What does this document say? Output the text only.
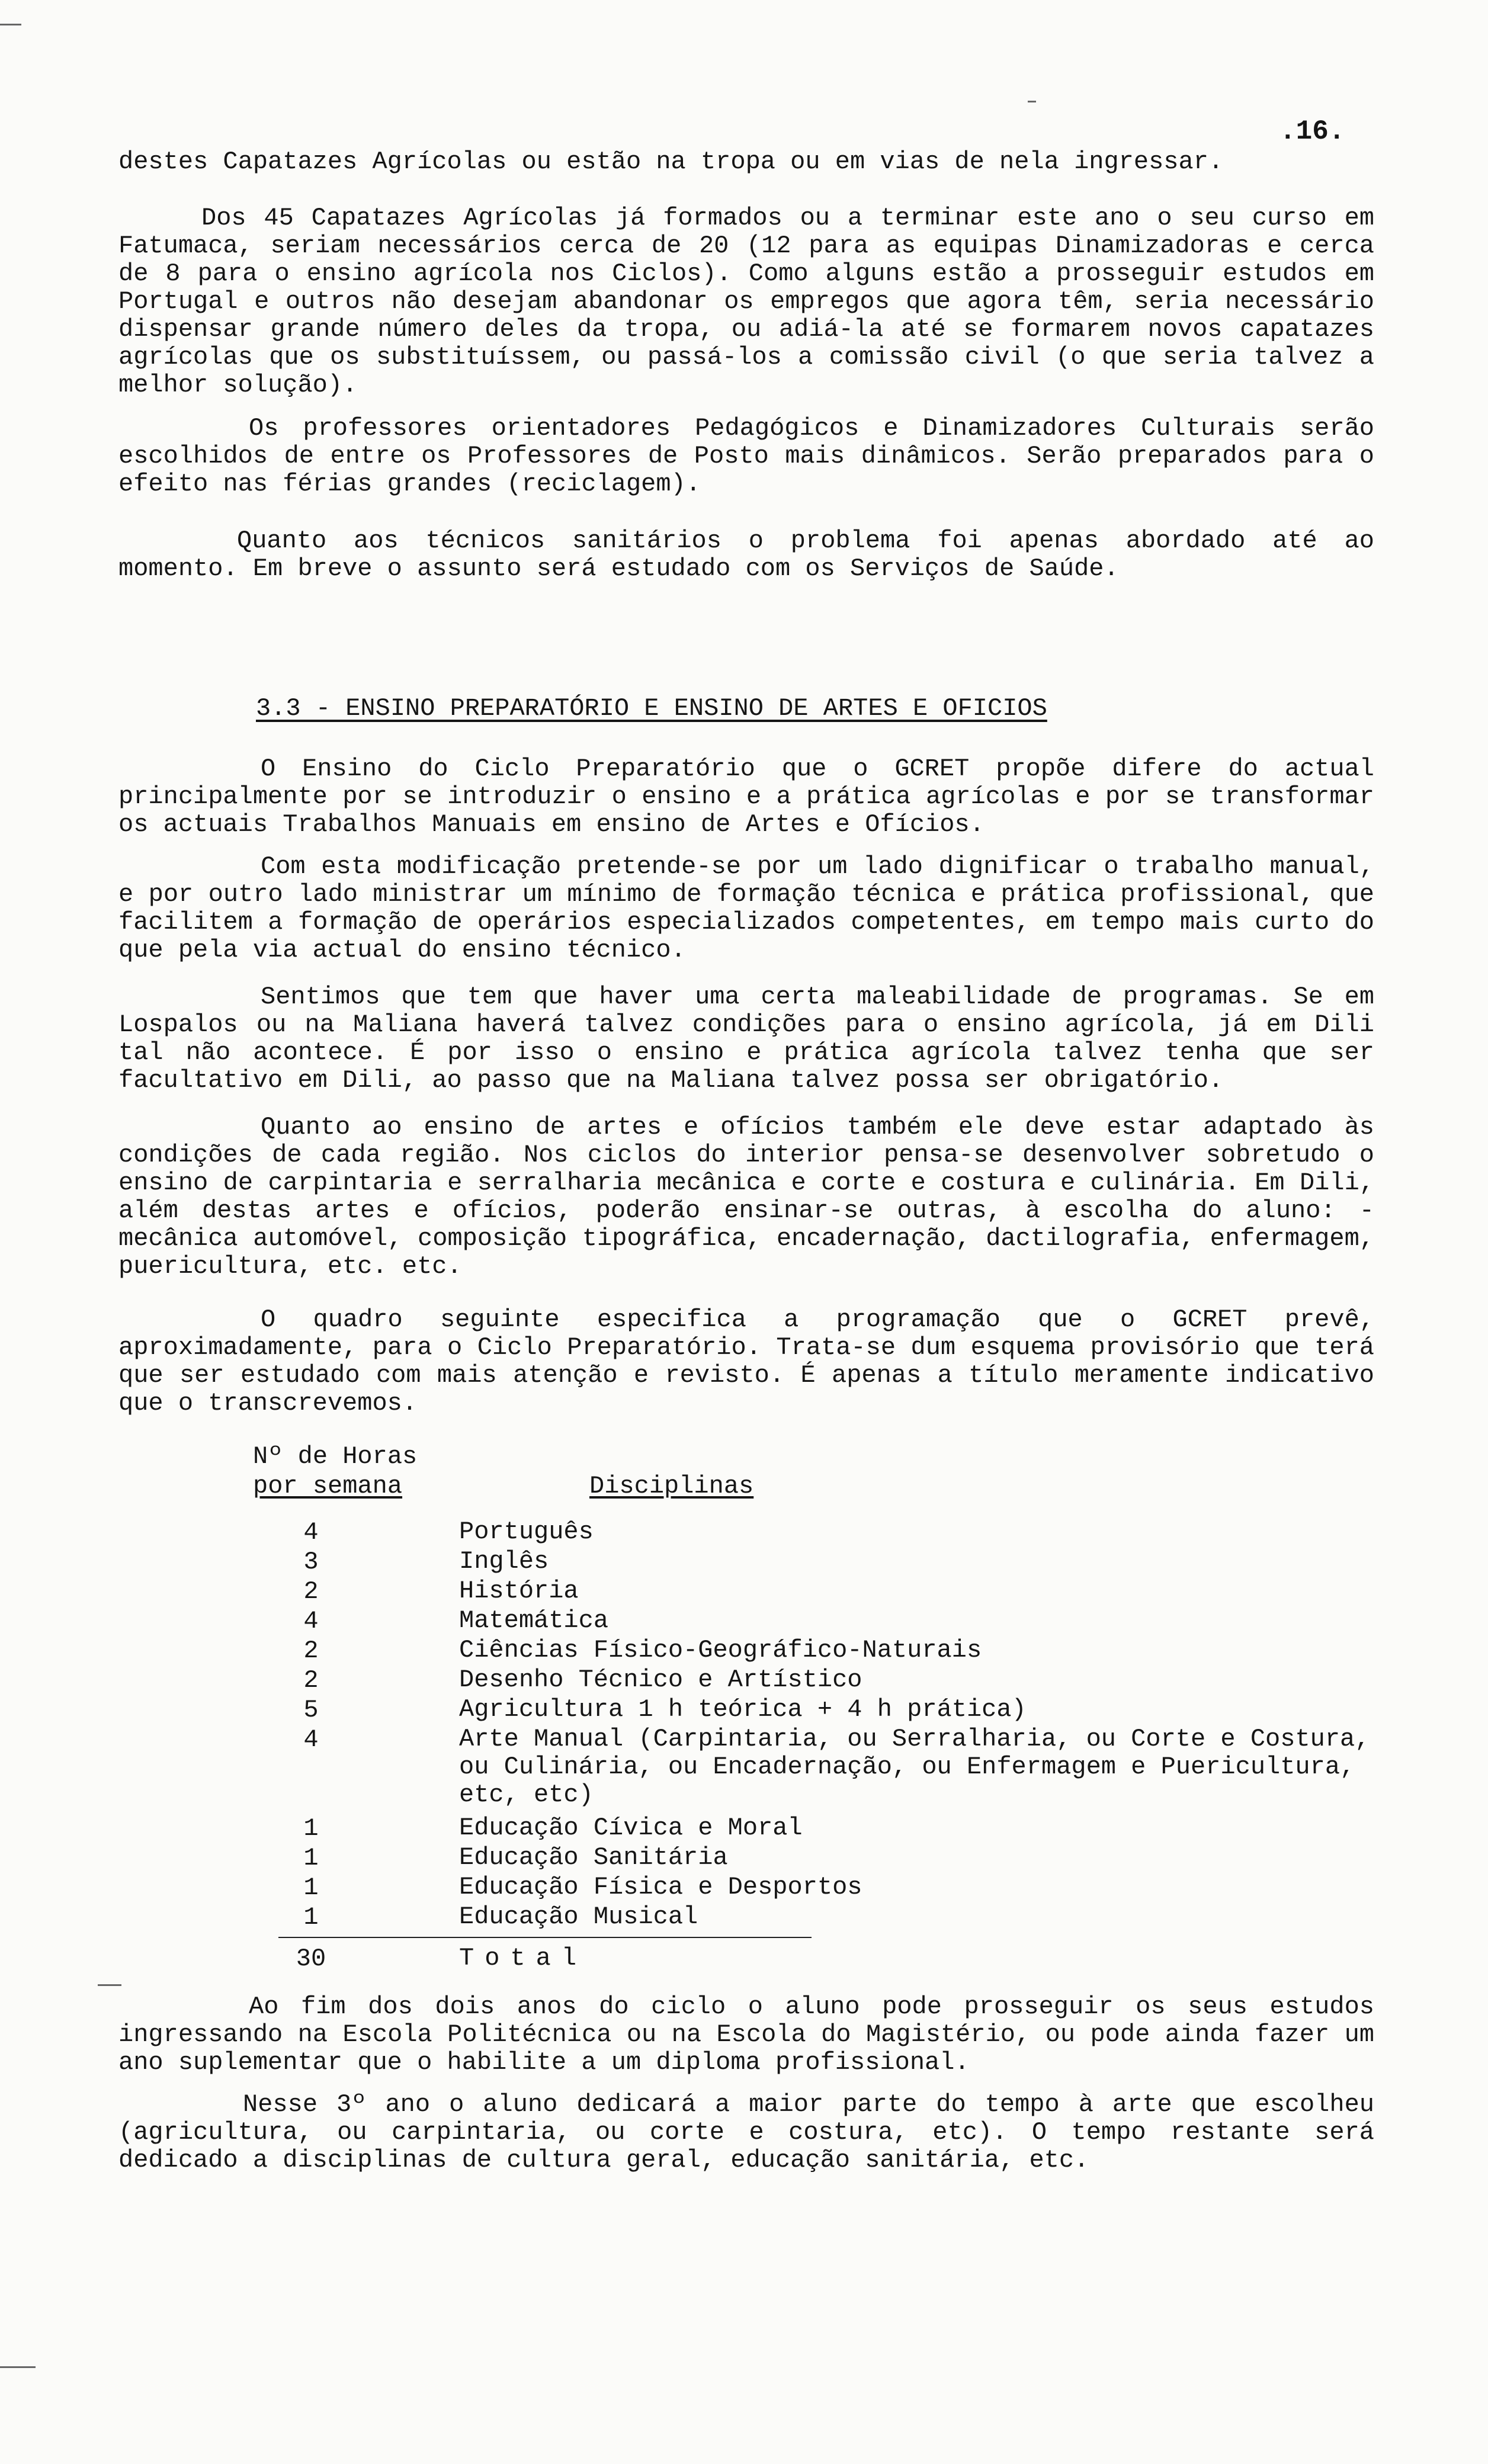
.16.

destes Capatazes Agrícolas ou estão na tropa ou em vias de nela ingressar.

Dos 45 Capatazes Agrícolas já formados ou a terminar este ano o seu curso em Fatumaca, seriam necessários cerca de 20 (12 para as equipas Dinamizadoras e cerca de 8 para o ensino agrícola nos Ciclos). Como alguns estão a prosseguir estudos em Portugal e outros não desejam abandonar os empregos que agora têm, seria necessário dispensar grande número deles da tropa, ou adiá-la até se formarem novos capatazes agrícolas que os substituíssem, ou passá-los a comissão civil (o que seria talvez a melhor solução).

Os professores orientadores Pedagógicos e Dinamizadores Culturais serão escolhidos de entre os Professores de Posto mais dinâmicos. Serão preparados para o efeito nas férias grandes (reciclagem).

Quanto aos técnicos sanitários o problema foi apenas abordado até ao momento. Em breve o assunto será estudado com os Serviços de Saúde.

3.3 - ENSINO PREPARATÓRIO E ENSINO DE ARTES E OFICIOS

O Ensino do Ciclo Preparatório que o GCRET propõe difere do actual principalmente por se introduzir o ensino e a prática agrícolas e por se transformar os actuais Trabalhos Manuais em ensino de Artes e Ofícios.

Com esta modificação pretende-se por um lado dignificar o trabalho manual, e por outro lado ministrar um mínimo de formação técnica e prática profissional, que facilitem a formação de operários especializados competentes, em tempo mais curto do que pela via actual do ensino técnico.

Sentimos que tem que haver uma certa maleabilidade de programas. Se em Lospalos ou na Maliana haverá talvez condições para o ensino agrícola, já em Dili tal não acontece. É por isso o ensino e prática agrícola talvez tenha que ser facultativo em Dili, ao passo que na Maliana talvez possa ser obrigatório.

Quanto ao ensino de artes e ofícios também ele deve estar adaptado às condições de cada região. Nos ciclos do interior pensa-se desenvolver sobretudo o ensino de carpintaria e serralharia mecânica e corte e costura e culinária. Em Dili, além destas artes e ofícios, poderão ensinar-se outras, à escolha do aluno: - mecânica automóvel, composição tipográfica, encadernação, dactilografia, enfermagem, puericultura, etc. etc.

O quadro seguinte especifica a programação que o GCRET prevê, aproximadamente, para o Ciclo Preparatório. Trata-se dum esquema provisório que terá que ser estudado com mais atenção e revisto. É apenas a título meramente indicativo que o transcrevemos.

Nº de Horas
por semana	Disciplinas
4	Português
3	Inglês
2	História
4	Matemática
2	Ciências Físico-Geográfico-Naturais
2	Desenho Técnico e Artístico
5	Agricultura 1 h teórica + 4 h prática)
4	Arte Manual (Carpintaria, ou Serralharia, ou Corte e Costura, ou Culinária, ou Encadernação, ou Enfermagem e Puericultura, etc, etc)
1	Educação Cívica e Moral
1	Educação Sanitária
1	Educação Física e Desportos
1	Educação Musical
30	Total

Ao fim dos dois anos do ciclo o aluno pode prosseguir os seus estudos ingressando na Escola Politécnica ou na Escola do Magistério, ou pode ainda fazer um ano suplementar que o habilite a um diploma profissional.

Nesse 3º ano o aluno dedicará a maior parte do tempo à arte que escolheu (agricultura, ou carpintaria, ou corte e costura, etc). O tempo restante será dedicado a disciplinas de cultura geral, educação sanitária, etc.
